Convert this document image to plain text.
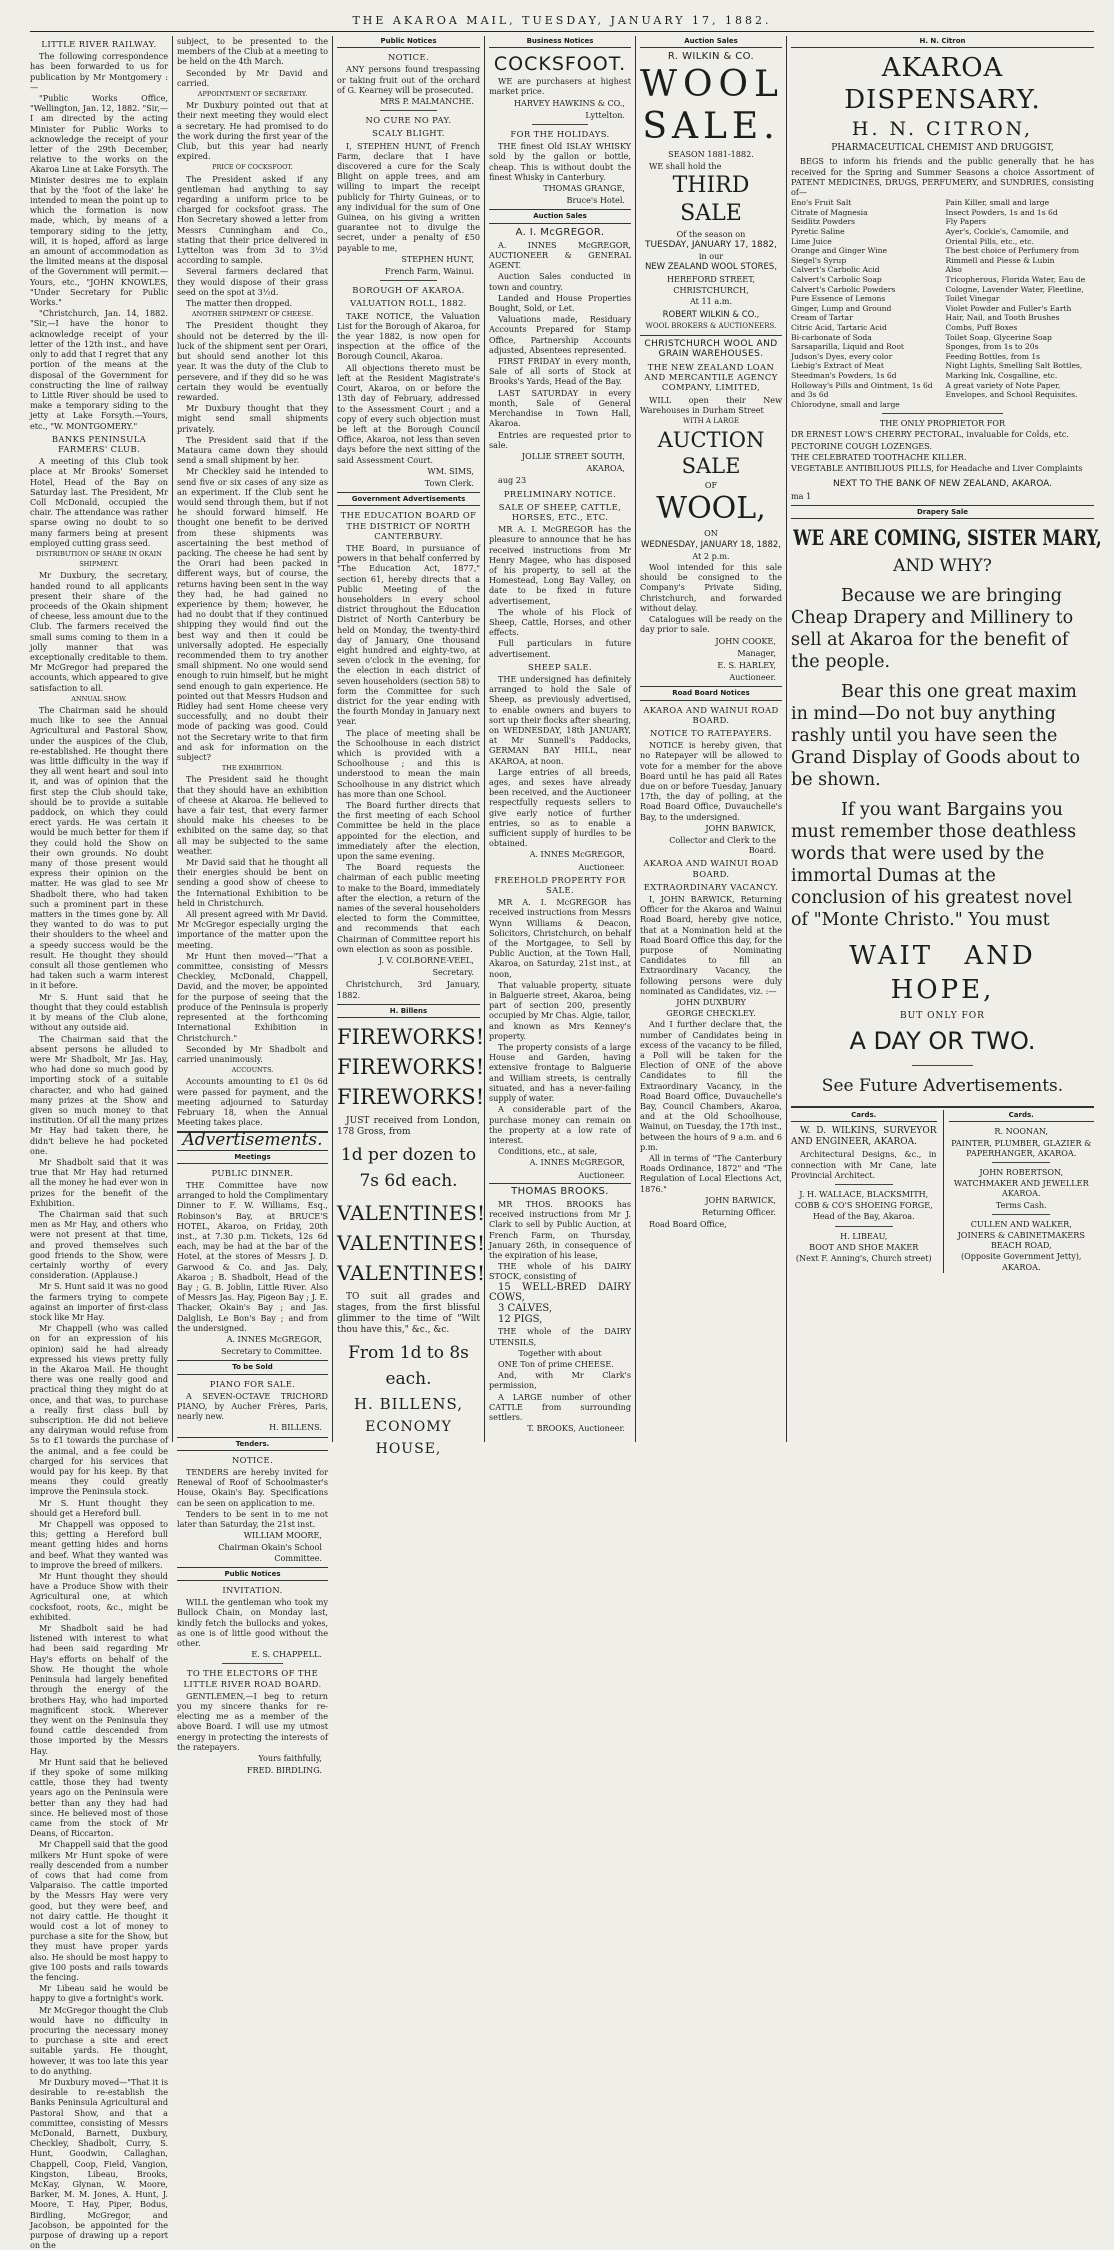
THE AKAROA MAIL, TUESDAY, JANUARY 17, 1882.
LITTLE RIVER RAILWAY.

The following correspondence has been forwarded to us for publication by Mr Montgomery :—

"Public Works Office, "Wellington, Jan. 12, 1882. "Sir,—I am directed by the acting Minister for Public Works to acknowledge the receipt of your letter of the 29th December, relative to the works on the Akaroa Line at Lake Forsyth. The Minister desires me to explain that by the 'foot of the lake' he intended to mean the point up to which the formation is now made, which, by means of a temporary siding to the jetty, will, it is hoped, afford as large an amount of accommodation as the limited means at the disposal of the Government will permit.—Yours, etc., "JOHN KNOWLES, "Under Secretary for Public Works."

"Christchurch, Jan. 14, 1882. "Sir,—I have the honor to acknowledge receipt of your letter of the 12th inst., and have only to add that I regret that any portion of the means at the disposal of the Government for constructing the line of railway to Little River should be used to make a temporary siding to the jetty at Lake Forsyth.—Yours, etc., "W. MONTGOMERY."

BANKS PENINSULA FARMERS' CLUB.

A meeting of this Club took place at Mr Brooks' Somerset Hotel, Head of the Bay on Saturday last. The President, Mr Coll McDonald, occupied the chair. The attendance was rather sparse owing no doubt to so many farmers being at present employed cutting grass seed.

DISTRIBUTION OF SHARE IN OKAIN SHIPMENT.

Mr Duxbury, the secretary, handed round to all applicants present their share of the proceeds of the Okain shipment of cheese, less amount due to the Club. The farmers received the small sums coming to them in a jolly manner that was exceptionally creditable to them. Mr McGregor had prepared the accounts, which appeared to give satisfaction to all.

ANNUAL SHOW.

The Chairman said he should much like to see the Annual Agricultural and Pastoral Show, under the auspices of the Club, re-established. He thought there was little difficulty in the way if they all went heart and soul into it, and was of opinion that the first step the Club should take, should be to provide a suitable paddock, on which they could erect yards. He was certain it would be much better for them if they could hold the Show on their own grounds. No doubt many of those present would express their opinion on the matter. He was glad to see Mr Shadbolt there, who had taken such a prominent part in these matters in the times gone by. All they wanted to do was to put their shoulders to the wheel and a speedy success would be the result. He thought they should consult all those gentlemen who had taken such a warm interest in it before.

Mr S. Hunt said that he thought that they could establish it by means of the Club alone, without any outside aid.

The Chairman said that the absent persons he alluded to were Mr Shadbolt, Mr Jas. Hay, who had done so much good by importing stock of a suitable character, and who had gained many prizes at the Show and given so much money to that institution. Of all the many prizes Mr Hay had taken there, he didn't believe he had pocketed one.

Mr Shadbolt said that it was true that Mr Hay had returned all the money he had ever won in prizes for the benefit of the Exhibition.

The Chairman said that such men as Mr Hay, and others who were not present at that time, and proved themselves such good friends to the Show, were certainly worthy of every consideration. (Applause.)

Mr S. Hunt said it was no good the farmers trying to compete against an importer of first-class stock like Mr Hay.

Mr Chappell (who was called on for an expression of his opinion) said he had already expressed his views pretty fully in the Akaroa Mail. He thought there was one really good and practical thing they might do at once, and that was, to purchase a really first class bull by subscription. He did not believe any dairyman would refuse from 5s to £1 towards the purchase of the animal, and a fee could be charged for his services that would pay for his keep. By that means they could greatly improve the Peninsula stock.

Mr S. Hunt thought they should get a Hereford bull.

Mr Chappell was opposed to this; getting a Hereford bull meant getting hides and horns and beef. What they wanted was to improve the breed of milkers.

Mr Hunt thought they should have a Produce Show with their Agricultural one, at which cocksfoot, roots, &c., might be exhibited.

Mr Shadbolt said he had listened with interest to what had been said regarding Mr Hay's efforts on behalf of the Show. He thought the whole Peninsula had largely benefited through the energy of the brothers Hay, who had imported magnificent stock. Wherever they went on the Peninsula they found cattle descended from those imported by the Messrs Hay.

Mr Hunt said that he believed if they spoke of some milking cattle, those they had twenty years ago on the Peninsula were better than any they had had since. He believed most of those came from the stock of Mr Deans, of Riccarton.

Mr Chappell said that the good milkers Mr Hunt spoke of were really descended from a number of cows that had come from Valparaiso. The cattle imported by the Messrs Hay were very good, but they were beef, and not dairy cattle. He thought it would cost a lot of money to purchase a site for the Show, but they must have proper yards also. He should be most happy to give 100 posts and rails towards the fencing.

Mr Libeau said he would be happy to give a fortnight's work.

Mr McGregor thought the Club would have no difficulty in procuring the necessary money to purchase a site and erect suitable yards. He thought, however, it was too late this year to do anything.

Mr Duxbury moved—"That it is desirable to re-establish the Banks Peninsula Agricultural and Pastoral Show, and that a committee, consisting of Messrs McDonald, Barnett, Duxbury, Checkley, Shadbolt, Curry, S. Hunt, Goodwin, Callaghan, Chappell, Coop, Field, Vangion, Kingston, Libeau, Brooks, McKay, Glynan, W. Moore, Barker, M. M. Jones, A. Hunt, J. Moore, T. Hay, Piper, Bodus, Birdling, McGregor, and Jacobson, be appointed for the purpose of drawing up a report on the

subject, to be presented to the members of the Club at a meeting to be held on the 4th March.

Seconded by Mr David and carried.

APPOINTMENT OF SECRETARY.

Mr Duxbury pointed out that at their next meeting they would elect a secretary. He had promised to do the work during the first year of the Club, but this year had nearly expired.

PRICE OF COCKSFOOT.

The President asked if any gentleman had anything to say regarding a uniform price to be charged for cocksfoot grass. The Hon Secretary showed a letter from Messrs Cunningham and Co., stating that their price delivered in Lyttelton was from 3d to 3½d according to sample.

Several farmers declared that they would dispose of their grass seed on the spot at 3½d.

The matter then dropped.

ANOTHER SHIPMENT OF CHEESE.

The President thought they should not be deterred by the ill-luck of the shipment sent per Orari, but should send another lot this year. It was the duty of the Club to persevere, and if they did so he was certain they would be eventually rewarded.

Mr Duxbury thought that they might send small shipments privately.

The President said that if the Mataura came down they should send a small shipment by her.

Mr Checkley said he intended to send five or six cases of any size as an experiment. If the Club sent he would send through them, but if not he should forward himself. He thought one benefit to be derived from these shipments was ascertaining the best method of packing. The cheese he had sent by the Orari had been packed in different ways, but of course, the returns having been sent in the way they had, he had gained no experience by them; however, he had no doubt that if they continued shipping they would find out the best way and then it could be universally adopted. He especially recommended them to try another small shipment. No one would send enough to ruin himself, but he might send enough to gain experience. He pointed out that Messrs Hudson and Ridley had sent Home cheese very successfully, and no doubt their mode of packing was good. Could not the Secretary write to that firm and ask for information on the subject?

THE EXHIBITION.

The President said he thought that they should have an exhibition of cheese at Akaroa. He believed to have a fair test, that every farmer should make his cheeses to be exhibited on the same day, so that all may be subjected to the same weather.

Mr David said that he thought all their energies should be bent on sending a good show of cheese to the International Exhibition to be held in Christchurch.

All present agreed with Mr David. Mr McGregor especially urging the importance of the matter upon the meeting.

Mr Hunt then moved—"That a committee, consisting of Messrs Checkley, McDonald, Chappell, David, and the mover, be appointed for the purpose of seeing that the produce of the Peninsula is properly represented at the forthcoming International Exhibition in Christchurch."

Seconded by Mr Shadbolt and carried unanimously.

ACCOUNTS.

Accounts amounting to £1 0s 6d were passed for payment, and the meeting adjourned to Saturday February 18, when the Annual Meeting takes place.

Advertisements.
Meetings
PUBLIC DINNER.

THE Committee have now arranged to hold the Complimentary Dinner to F. W. Williams, Esq., Robinson's Bay, at BRUCE'S HOTEL, Akaroa, on Friday, 20th inst., at 7.30 p.m. Tickets, 12s 6d each, may be had at the bar of the Hotel, at the stores of Messrs J. D. Garwood & Co. and Jas. Daly, Akaroa ; B. Shadbolt, Head of the Bay ; G. B. Joblin, Little River. Also of Messrs Jas. Hay, Pigeon Bay ; J. E. Thacker, Okain's Bay ; and Jas. Dalglish, Le Bon's Bay ; and from the undersigned.

A. INNES McGREGOR,
Secretary to Committee.
To be Sold
PIANO FOR SALE.

A SEVEN-OCTAVE TRICHORD PIANO, by Aucher Frères, Paris, nearly new.

H. BILLENS.
Tenders.
NOTICE.

TENDERS are hereby invited for Renewal of Roof of Schoolmaster's House, Okain's Bay. Specifications can be seen on application to me.

Tenders to be sent in to me not later than Saturday, the 21st inst.

WILLIAM MOORE,
Chairman Okain's School Committee.
Public Notices
INVITATION.

WILL the gentleman who took my Bullock Chain, on Monday last, kindly fetch the bullocks and yokes, as one is of little good without the other.

E. S. CHAPPELL.
TO THE ELECTORS OF THE LITTLE RIVER ROAD BOARD.

GENTLEMEN,—I beg to return you my sincere thanks for re-electing me as a member of the above Board. I will use my utmost energy in protecting the interests of the ratepayers.

Yours faithfully,
FRED. BIRDLING.
Public Notices
NOTICE.

ANY persons found trespassing or taking fruit out of the orchard of G. Kearney will be prosecuted.

MRS P. MALMANCHE.
NO CURE NO PAY.
SCALY BLIGHT.

I, STEPHEN HUNT, of French Farm, declare that I have discovered a cure for the Scaly Blight on apple trees, and am willing to impart the receipt publicly for Thirty Guineas, or to any individual for the sum of One Guinea, on his giving a written guarantee not to divulge the secret, under a penalty of £50 payable to me,

STEPHEN HUNT,
French Farm, Wainui.
BOROUGH OF AKAROA.
VALUATION ROLL, 1882.

TAKE NOTICE, the Valuation List for the Borough of Akaroa, for the year 1882, is now open for inspection at the office of the Borough Council, Akaroa.

All objections thereto must be left at the Resident Magistrate's Court, Akaroa, on or before the 13th day of February, addressed to the Assessment Court ; and a copy of every such objection must be left at the Borough Council Office, Akaroa, not less than seven days before the next sitting of the said Assessment Court.

WM. SIMS,
Town Clerk.
Government Advertisements
THE EDUCATION BOARD OF THE DISTRICT OF NORTH CANTERBURY.

THE Board, in pursuance of powers in that behalf conferred by "The Education Act, 1877," section 61, hereby directs that a Public Meeting of the householders in every school district throughout the Education District of North Canterbury be held on Monday, the twenty-third day of January, One thousand eight hundred and eighty-two, at seven o'clock in the evening, for the election in each district of seven householders (section 58) to form the Committee for such district for the year ending with the fourth Monday in January next year.

The place of meeting shall be the Schoolhouse in each district which is provided with a Schoolhouse ; and this is understood to mean the main Schoolhouse in any district which has more than one School.

The Board further directs that the first meeting of each School Committee be held in the place appointed for the election, and immediately after the election, upon the same evening.

The Board requests the chairman of each public meeting to make to the Board, immediately after the election, a return of the names of the several householders elected to form the Committee, and recommends that each Chairman of Committee report his own election as soon as possible.

J. V. COLBORNE-VEEL,
Secretary.

Christchurch, 3rd January, 1882.

H. Billens
FIREWORKS!
FIREWORKS!
FIREWORKS!

JUST received from London, 178 Gross, from

1d per dozen to
7s 6d each.
VALENTINES!
VALENTINES!
VALENTINES!

TO suit all grades and stages, from the first blissful glimmer to the time of "Wilt thou have this," &c., &c.

From 1d to 8s
each.
H. BILLENS,
ECONOMY HOUSE,
Business Notices
COCKSFOOT.

WE are purchasers at highest market price.

HARVEY HAWKINS & CO.,
Lyttelton.
FOR THE HOLIDAYS.

THE finest Old ISLAY WHISKY sold by the gallon or bottle, cheap. This is without doubt the finest Whisky in Canterbury.

THOMAS GRANGE,
Bruce's Hotel.
Auction Sales
A. I. McGREGOR.

A. INNES McGREGOR, AUCTIONEER & GENERAL AGENT.

Auction Sales conducted in town and country.

Landed and House Properties Bought, Sold, or Let.

Valuations made, Residuary Accounts Prepared for Stamp Office, Partnership Accounts adjusted, Absentees represented.

FIRST FRIDAY in every month, Sale of all sorts of Stock at Brooks's Yards, Head of the Bay.

LAST SATURDAY in every month, Sale of General Merchandise in Town Hall, Akaroa.

Entries are requested prior to sale.

JOLLIE STREET SOUTH,
AKAROA,

aug 23

PRELIMINARY NOTICE.
SALE OF SHEEP, CATTLE, HORSES, ETC., ETC.

MR A. I. McGREGOR has the pleasure to announce that he has received instructions from Mr Henry Magee, who has disposed of his property, to sell at the Homestead, Long Bay Valley, on date to be fixed in future advertisement,

The whole of his Flock of Sheep, Cattle, Horses, and other effects.

Full particulars in future advertisement.

SHEEP SALE.

THE undersigned has definitely arranged to hold the Sale of Sheep, as previously advertised, to enable owners and buyers to sort up their flocks after shearing, on WEDNESDAY, 18th JANUARY, at Mr Sunnell's Paddocks, GERMAN BAY HILL, near AKAROA, at noon.

Large entries of all breeds, ages, and sexes have already been received, and the Auctioneer respectfully requests sellers to give early notice of further entries, so as to enable a sufficient supply of hurdles to be obtained.

A. INNES McGREGOR,
Auctioneer.
FREEHOLD PROPERTY FOR SALE.

MR A. I. McGREGOR has received instructions from Messrs Wynn Williams & Deacon, Solicitors, Christchurch, on behalf of the Mortgagee, to Sell by Public Auction, at the Town Hall, Akaroa, on Saturday, 21st inst., at noon,

That valuable property, situate in Balguerie street, Akaroa, being part of section 200, presently occupied by Mr Chas. Algie, tailor, and known as Mrs Kenney's property.

The property consists of a large House and Garden, having extensive frontage to Balguerie and William streets, is centrally situated, and has a never-failing supply of water.

A considerable part of the purchase money can remain on the property at a low rate of interest.

Conditions, etc., at sale,

A. INNES McGREGOR,
Auctioneer.
THOMAS BROOKS.

MR THOS. BROOKS has received instructions from Mr J. Clark to sell by Public Auction, at French Farm, on Thursday, January 26th, in consequence of the expiration of his lease,

THE whole of his DAIRY STOCK, consisting of

15 WELL-BRED DAIRY COWS,

3 CALVES,

12 PIGS,

THE whole of the DAIRY UTENSILS,

Together with about

ONE Ton of prime CHEESE.

And, with Mr Clark's permission,

A LARGE number of other CATTLE from surrounding settlers.

T. BROOKS, Auctioneer.
Auction Sales
R. WILKIN & CO.
WOOL
SALE.
SEASON 1881-1882.

WE shall hold the

THIRD SALE
Of the season on
TUESDAY, JANUARY 17, 1882,
in our
NEW ZEALAND WOOL STORES,
HEREFORD STREET,
CHRISTCHURCH,
At 11 a.m.
ROBERT WILKIN & CO.,
WOOL BROKERS & AUCTIONEERS.
CHRISTCHURCH WOOL AND GRAIN WAREHOUSES.
THE NEW ZEALAND LOAN AND MERCANTILE AGENCY COMPANY, LIMITED,

WILL open their New Warehouses in Durham Street

WITH A LARGE
AUCTION SALE
OF
WOOL,
ON
WEDNESDAY, JANUARY 18, 1882,
At 2 p.m.

Wool intended for this sale should be consigned to the Company's Private Siding, Christchurch, and forwarded without delay.

Catalogues will be ready on the day prior to sale.

JOHN COOKE,
Manager,
E. S. HARLEY,
Auctioneer.
Road Board Notices
AKAROA AND WAINUI ROAD BOARD.
NOTICE TO RATEPAYERS.

NOTICE is hereby given, that no Ratepayer will be allowed to vote for a member for the above Board until he has paid all Rates due on or before Tuesday, January 17th, the day of polling, at the Road Board Office, Duvauchelle's Bay, to the undersigned.

JOHN BARWICK,
Collector and Clerk to the Board.
AKAROA AND WAINUI ROAD BOARD.
EXTRAORDINARY VACANCY.

I, JOHN BARWICK, Returning Officer for the Akaroa and Wainui Road Board, hereby give notice, that at a Nomination held at the Road Board Office this day, for the purpose of Nominating Candidates to fill an Extraordinary Vacancy, the following persons were duly nominated as Candidates, viz. :—

JOHN DUXBURY
GEORGE CHECKLEY.

And I further declare that, the number of Candidates being in excess of the vacancy to be filled, a Poll will be taken for the Election of ONE of the above Candidates to fill the Extraordinary Vacancy, in the Road Board Office, Duvauchelle's Bay, Council Chambers, Akaroa, and at the Old Schoolhouse, Wainui, on Tuesday, the 17th inst., between the hours of 9 a.m. and 6 p.m.

All in terms of "The Canterbury Roads Ordinance, 1872" and "The Regulation of Local Elections Act, 1876."

JOHN BARWICK,
Returning Officer.

Road Board Office,

H. N. Citron
AKAROA DISPENSARY.
H. N. CITRON,
PHARMACEUTICAL CHEMIST AND DRUGGIST,

BEGS to inform his friends and the public generally that he has received for the Spring and Summer Seasons a choice Assortment of PATENT MEDICINES, DRUGS, PERFUMERY, and SUNDRIES, consisting of—

Eno's Fruit Salt
Citrate of Magnesia
Seidlitz Powders
Pyretic Saline
Lime Juice
Orange and Ginger Wine
Siegel's Syrup
Calvert's Carbolic Acid
Calvert's Carbolic Soap
Calvert's Carbolic Powders
Pure Essence of Lemons
Ginger, Lump and Ground
Cream of Tartar
Citric Acid, Tartaric Acid
Bi-carbonate of Soda
Sarsaparilla, Liquid and Root
Judson's Dyes, every color
Liebig's Extract of Meat
Steedman's Powders, 1s 6d
Holloway's Pills and Ointment, 1s 6d and 3s 6d
Chlorodyne, small and large
Pain Killer, small and large
Insect Powders, 1s and 1s 6d
Fly Papers
Ayer's, Cockle's, Camomile, and Oriental Pills, etc., etc.
The best choice of Perfumery from Rimmell and Piesse & Lubin
Also
Tricopherous, Florida Water, Eau de Cologne, Lavender Water, Fleetline, Toilet Vinegar
Violet Powder and Fuller's Earth
Hair, Nail, and Tooth Brushes
Combs, Puff Boxes
Toilet Soap, Glycerine Soap
Sponges, from 1s to 20s
Feeding Bottles, from 1s
Night Lights, Smelling Salt Bottles, Marking Ink, Cosgalline, etc.
A great variety of Note Paper, Envelopes, and School Requisites.
THE ONLY PROPRIETOR FOR
DR ERNEST LOW'S CHERRY PECTORAL, invaluable for Colds, etc.
PECTORINE COUGH LOZENGES.
THE CELEBRATED TOOTHACHE KILLER.
VEGETABLE ANTIBILIOUS PILLS, for Headache and Liver Complaints
NEXT TO THE BANK OF NEW ZEALAND, AKAROA.

ma 1

Drapery Sale
WE ARE COMING, SISTER MARY,
AND WHY?

Because we are bringing Cheap Drapery and Millinery to sell at Akaroa for the benefit of the people.

Bear this one great maxim in mind—Do not buy anything rashly until you have seen the Grand Display of Goods about to be shown.

If you want Bargains you must remember those deathless words that were used by the immortal Dumas at the conclusion of his greatest novel of "Monte Christo." You must

WAIT AND HOPE,
BUT ONLY FOR
A DAY OR TWO.
See Future Advertisements.
Cards.

W. D. WILKINS, SURVEYOR AND ENGINEER, AKAROA.

Architectural Designs, &c., in connection with Mr Cane, late Provincial Architect.

J. H. WALLACE, BLACKSMITH,
COBB & CO'S SHOEING FORGE,
Head of the Bay, Akaroa.
H. LIBEAU,
BOOT AND SHOE MAKER
(Next F. Anning's, Church street)
Cards.
R. NOONAN,
PAINTER, PLUMBER, GLAZIER & PAPERHANGER, AKAROA.
JOHN ROBERTSON,
WATCHMAKER AND JEWELLER AKAROA.
Terms Cash.
CULLEN AND WALKER,
JOINERS & CABINETMAKERS BEACH ROAD,
(Opposite Government Jetty), AKAROA.
